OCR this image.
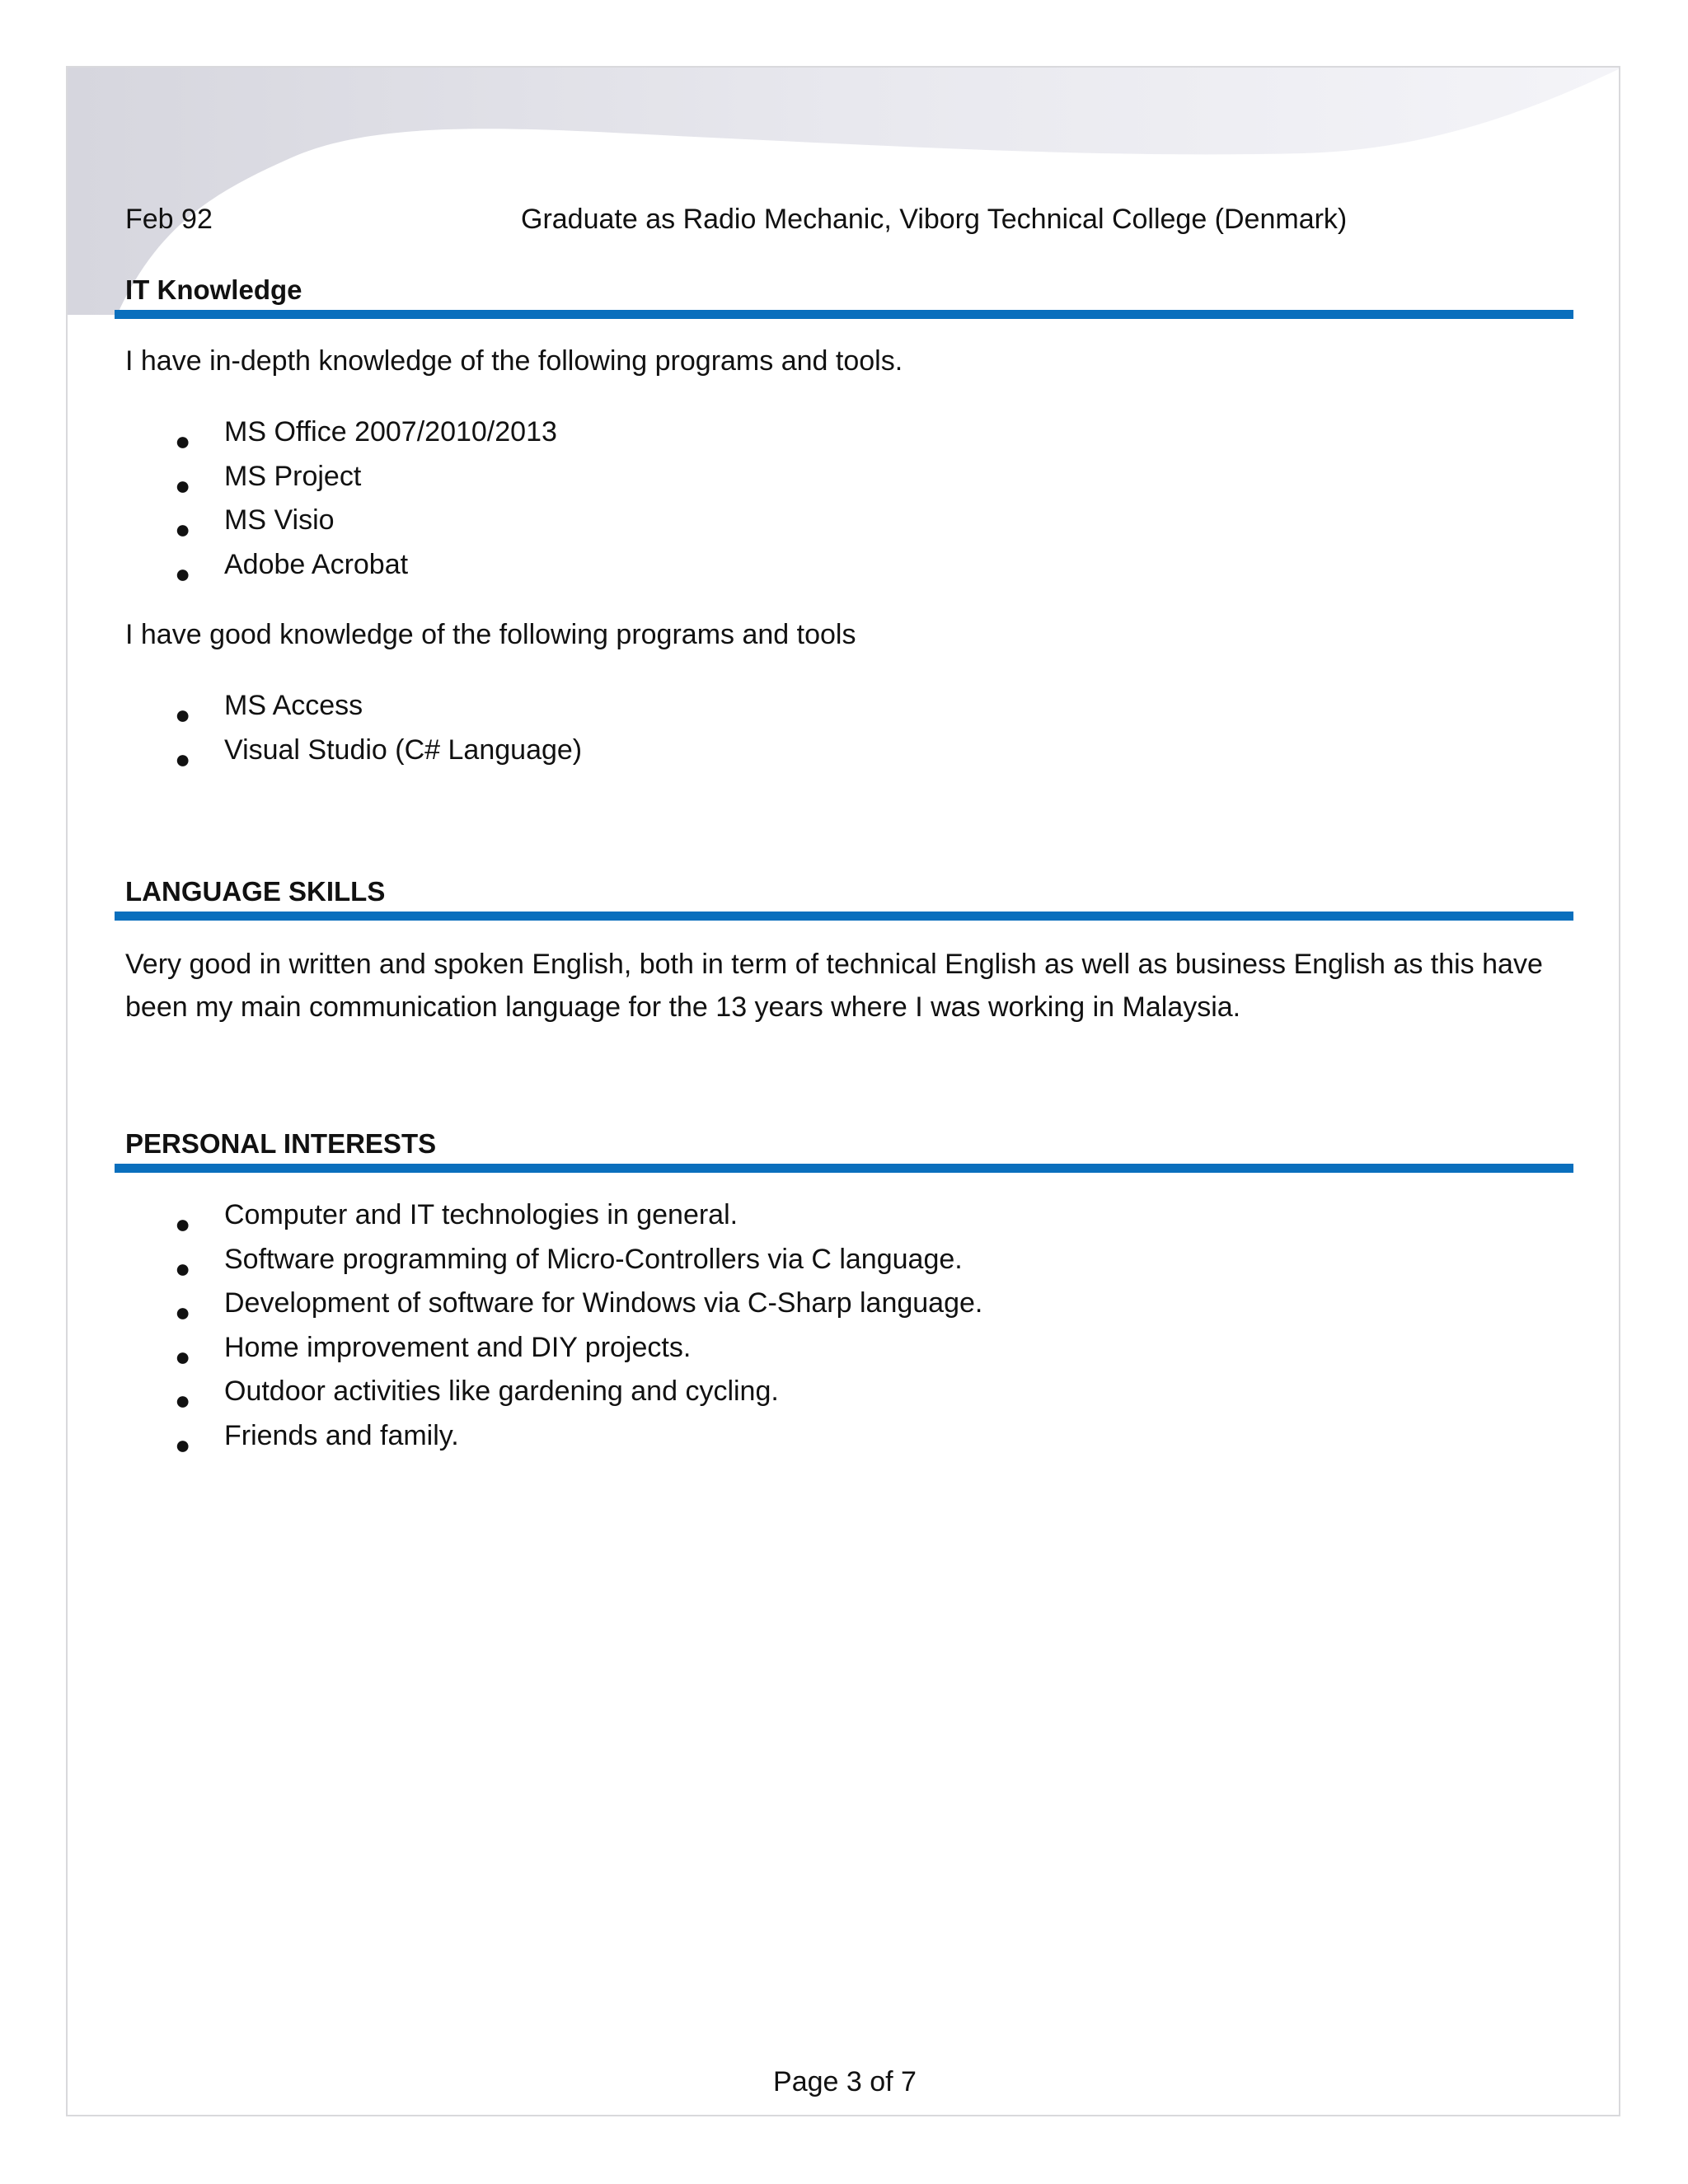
Feb 92	Graduate as Radio Mechanic, Viborg Technical College (Denmark)
IT Knowledge
I have in-depth knowledge of the following programs and tools.
● MS Office 2007/2010/2013
● MS Project
● MS Visio
● Adobe Acrobat
I have good knowledge of the following programs and tools
● MS Access
● Visual Studio (C# Language)
LANGUAGE SKILLS
Very good in written and spoken English, both in term of technical English as well as business English as this have been my main communication language for the 13 years where I was working in Malaysia.
PERSONAL INTERESTS
● Computer and IT technologies in general.
● Software programming of Micro-Controllers via C language.
● Development of software for Windows via C-Sharp language.
● Home improvement and DIY projects.
● Outdoor activities like gardening and cycling.
● Friends and family.
Page 3 of 7
